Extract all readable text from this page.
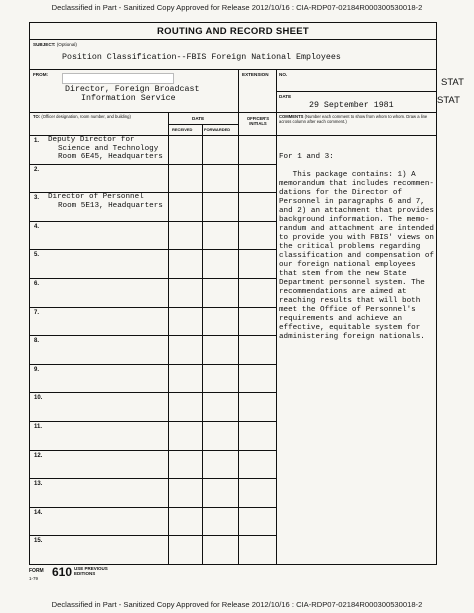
Declassified in Part - Sanitized Copy Approved for Release 2012/10/16 : CIA-RDP07-02184R000300530018-2
ROUTING AND RECORD SHEET
SUBJECT: (Optional)
Position Classification--FBIS Foreign National Employees
FROM:
Director, Foreign Broadcast
Information Service
EXTENSION NO.
DATE
29 September 1981
TO: (Officer designation, room number, and building)	DATE
RECEIVED	FORWARDED
OFFICER'S INITIALS
COMMENTS (Number each comment to show from whom to whom. Draw a line across column after each comment.)
1. Deputy Director for
Science and Technology
Room 6E45, Headquarters
2.
3. Director of Personnel
Room 5E13, Headquarters
4.
5.
6.
7.
8.
9.
10.
11.
12.
13.
14.
15.
For 1 and 3:
This package contains: 1) A
memorandum that includes recommen-
dations for the Director of
Personnel in paragraphs 6 and 7,
and 2) an attachment that provides
background information. The memo-
randum and attachment are intended
to provide you with FBIS' views on
the critical problems regarding
classification and compensation of
our foreign national employees
that stem from the new State
Department personnel system. The
recommendations are aimed at
reaching results that will both
meet the Office of Personnel's
requirements and achieve an
effective, equitable system for
administering foreign nationals.
STAT
STAT
FORM
1-79 610 USE PREVIOUS EDITIONS
Declassified in Part - Sanitized Copy Approved for Release 2012/10/16 : CIA-RDP07-02184R000300530018-2
